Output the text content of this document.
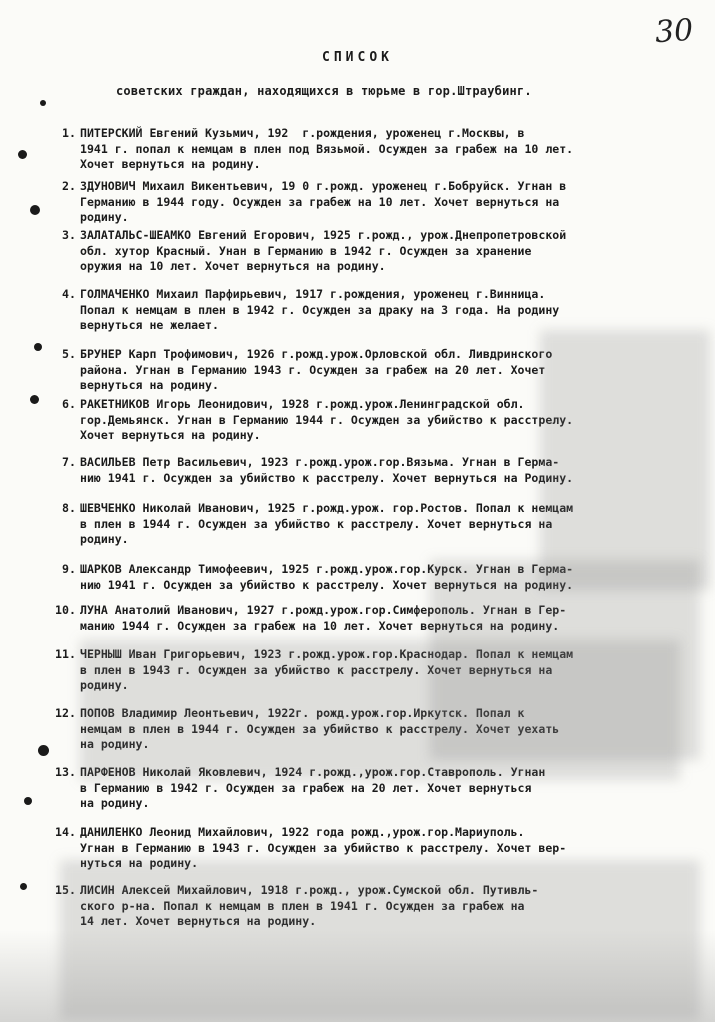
30
СПИСОК
советских граждан, находящихся в тюрьме в гор.Штраубинг.
1. ПИТЕРСКИЙ Евгений Кузьмич, 192  г.рождения, уроженец г.Москвы, в
1941 г. попал к немцам в плен под Вязьмой. Осужден за грабеж на 10 лет.
Хочет вернуться на родину.
2. ЗДУНОВИЧ Михаил Викентьевич, 19 0 г.рожд. уроженец г.Бобруйск. Угнан в
Германию в 1944 году. Осужден за грабеж на 10 лет. Хочет вернуться на
родину.
3. ЗАЛАТАЛЬС-ШЕАМКО Евгений Егорович, 1925 г.рожд., урож.Днепропетровской
обл. хутор Красный. Унан в Германию в 1942 г. Осужден за хранение
оружия на 10 лет. Хочет вернуться на родину.
4. ГОЛМАЧЕНКО Михаил Парфирьевич, 1917 г.рождения, уроженец г.Винница.
Попал к немцам в плен в 1942 г. Осужден за драку на 3 года. На родину
вернуться не желает.
5. БРУНЕР Карп Трофимович, 1926 г.рожд.урож.Орловской обл. Ливдринского
района. Угнан в Германию 1943 г. Осужден за грабеж на 20 лет. Хочет
вернуться на родину.
6. РАКЕТНИКОВ Игорь Леонидович, 1928 г.рожд.урож.Ленинградской обл.
гор.Демьянск. Угнан в Германию 1944 г. Осужден за убийство к расстрелу.
Хочет вернуться на родину.
7. ВАСИЛЬЕВ Петр Васильевич, 1923 г.рожд.урож.гор.Вязьма. Угнан в Герма-
нию 1941 г. Осужден за убийство к расстрелу. Хочет вернуться на Родину.
8. ШЕВЧЕНКО Николай Иванович, 1925 г.рожд.урож. гор.Ростов. Попал к немцам
в плен в 1944 г. Осужден за убийство к расстрелу. Хочет вернуться на
родину.
9. ШАРКОВ Александр Тимофеевич, 1925 г.рожд.урож.гор.Курск. Угнан в Герма-
нию 1941 г. Осужден за убийство к расстрелу. Хочет вернуться на родину.
10. ЛУНА Анатолий Иванович, 1927 г.рожд.урож.гор.Симферополь. Угнан в Гер-
манию 1944 г. Осужден за грабеж на 10 лет. Хочет вернуться на родину.
11. ЧЕРНЫШ Иван Григорьевич, 1923 г.рожд.урож.гор.Краснодар. Попал к немцам
в плен в 1943 г. Осужден за убийство к расстрелу. Хочет вернуться на
родину.
12. ПОПОВ Владимир Леонтьевич, 1922г. рожд.урож.гор.Иркутск. Попал к
немцам в плен в 1944 г. Осужден за убийство к расстрелу. Хочет уехать
на родину.
13. ПАРФЕНОВ Николай Яковлевич, 1924 г.рожд.,урож.гор.Ставрополь. Угнан
в Германию в 1942 г. Осужден за грабеж на 20 лет. Хочет вернуться
на родину.
14. ДАНИЛЕНКО Леонид Михайлович, 1922 года рожд.,урож.гор.Мариуполь.
Угнан в Германию в 1943 г. Осужден за убийство к расстрелу. Хочет вер-
нуться на родину.
15. ЛИСИН Алексей Михайлович, 1918 г.рожд., урож.Сумской обл. Путивль-
ского р-на. Попал к немцам в плен в 1941 г. Осужден за грабеж на
14 лет. Хочет вернуться на родину.
